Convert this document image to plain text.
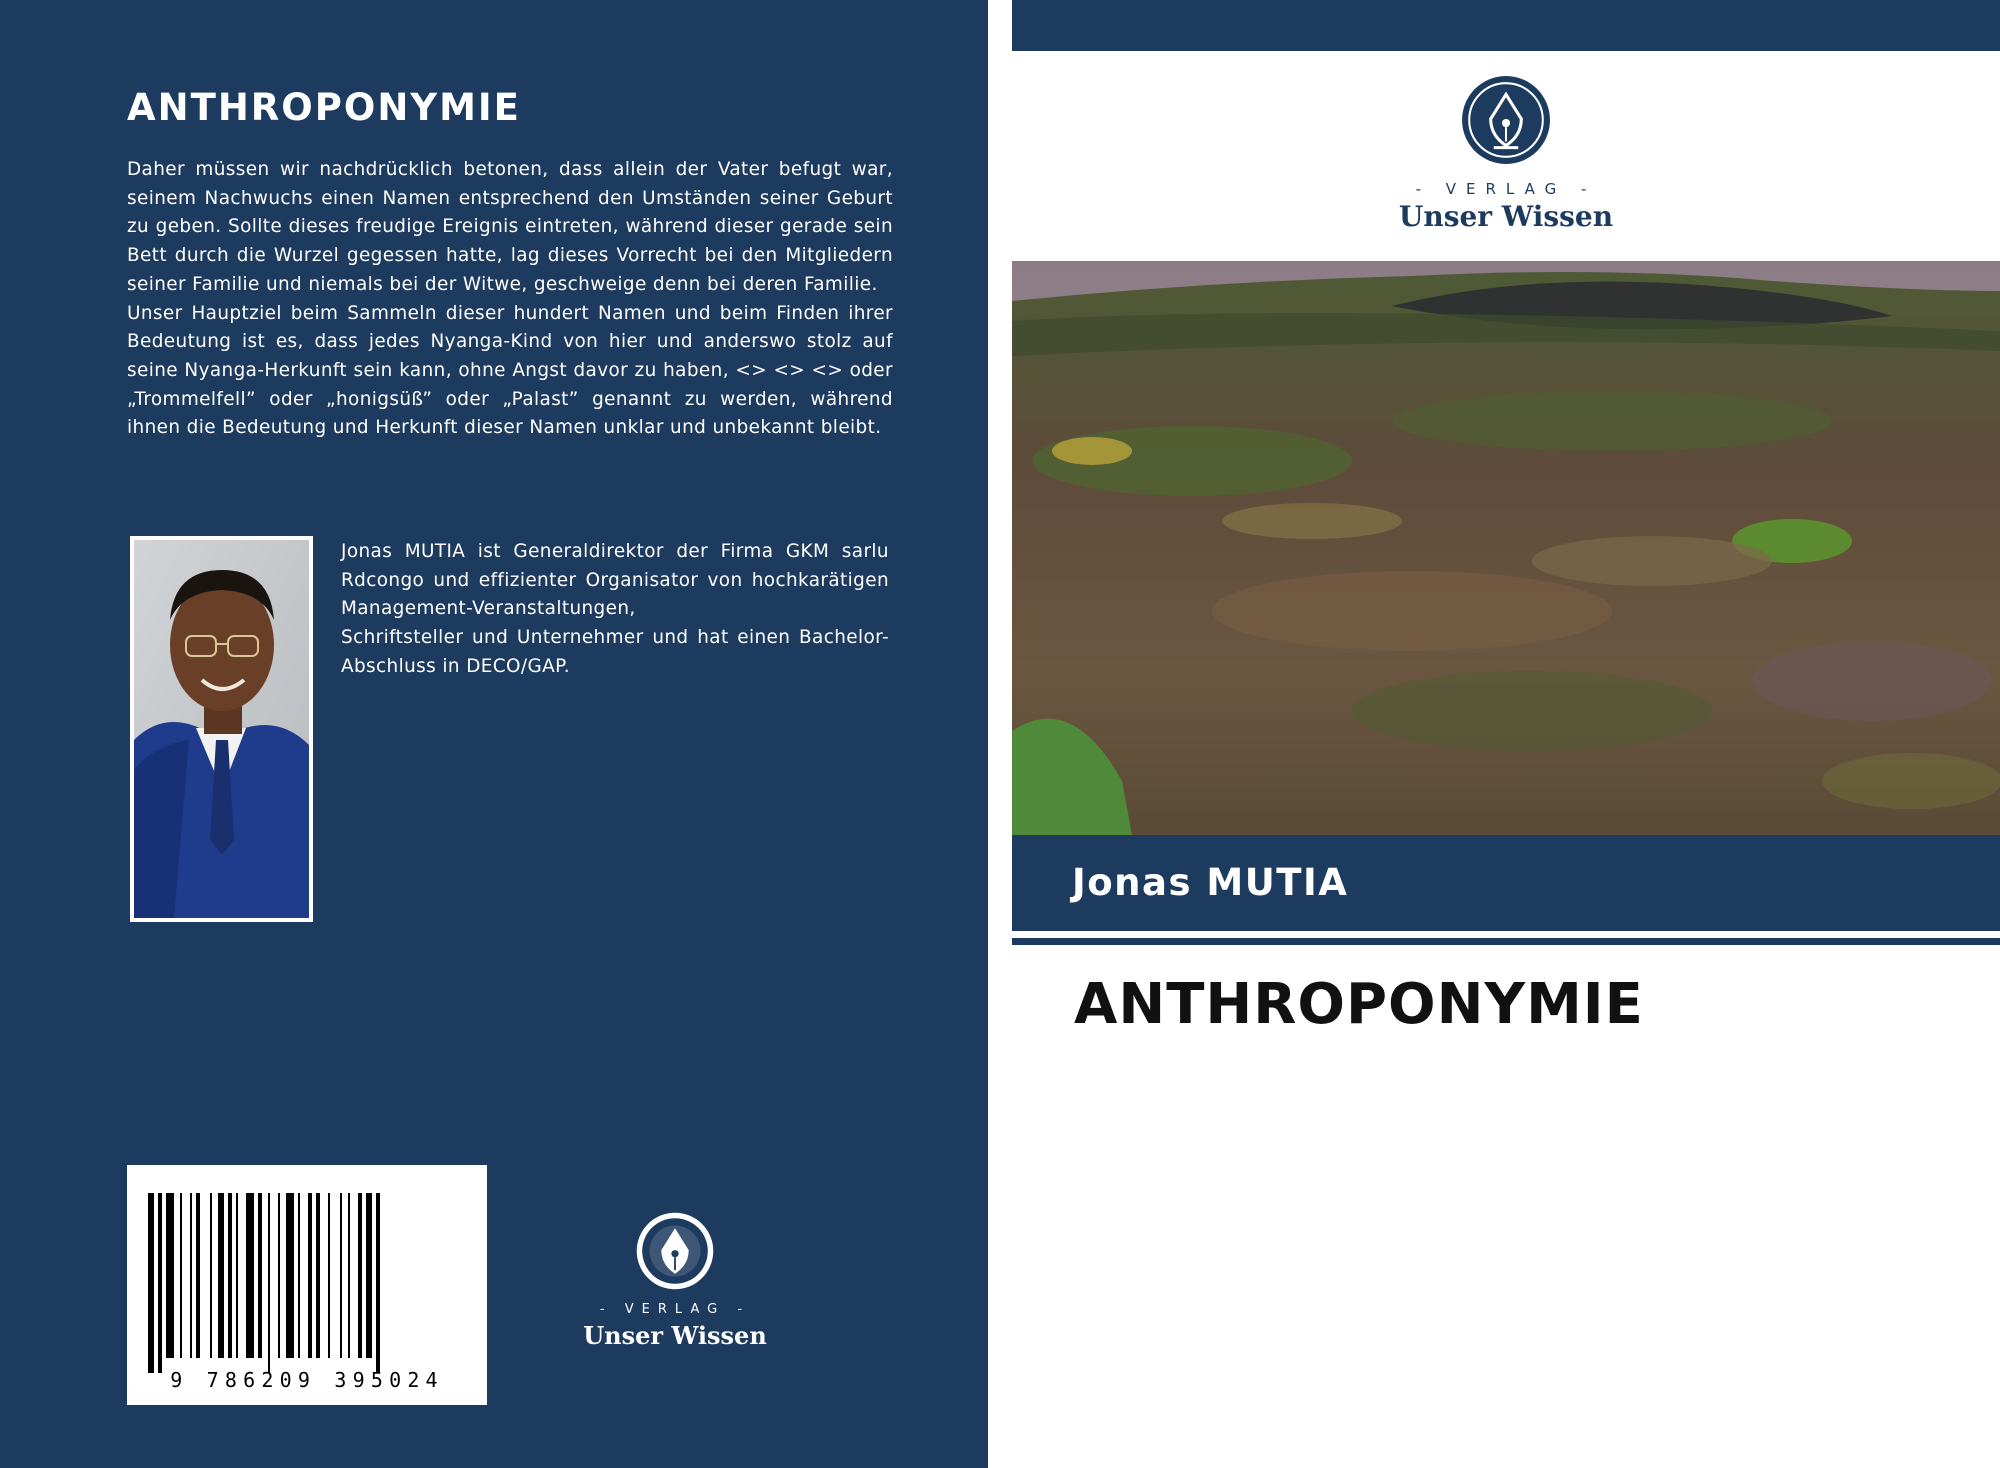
ANTHROPONYMIE

Daher müssen wir nachdrücklich betonen, dass allein der Vater befugt war, seinem Nachwuchs einen Namen entsprechend den Umständen seiner Geburt zu geben. Sollte dieses freudige Ereignis eintreten, während dieser gerade sein Bett durch die Wurzel gegessen hatte, lag dieses Vorrecht bei den Mitgliedern seiner Familie und niemals bei der Witwe, geschweige denn bei deren Familie.

Unser Hauptziel beim Sammeln dieser hundert Namen und beim Finden ihrer Bedeutung ist es, dass jedes Nyanga-Kind von hier und anderswo stolz auf seine Nyanga-Herkunft sein kann, ohne Angst davor zu haben, <> <> <> oder „Trommelfell” oder „honigsüß” oder „Palast” genannt zu werden, während ihnen die Bedeutung und Herkunft dieser Namen unklar und unbekannt bleibt.

Jonas MUTIA ist Generaldirektor der Firma GKM sarlu Rdcongo und effizienter Organisator von hochkarätigen Management-Veranstaltungen,

Schriftsteller und Unternehmer und hat einen Bachelor-Abschluss in DECO/GAP.

9 786209 395024
- VERLAG -
Unser Wissen
- VERLAG -
Unser Wissen
Jonas MUTIA
ANTHROPONYMIE
